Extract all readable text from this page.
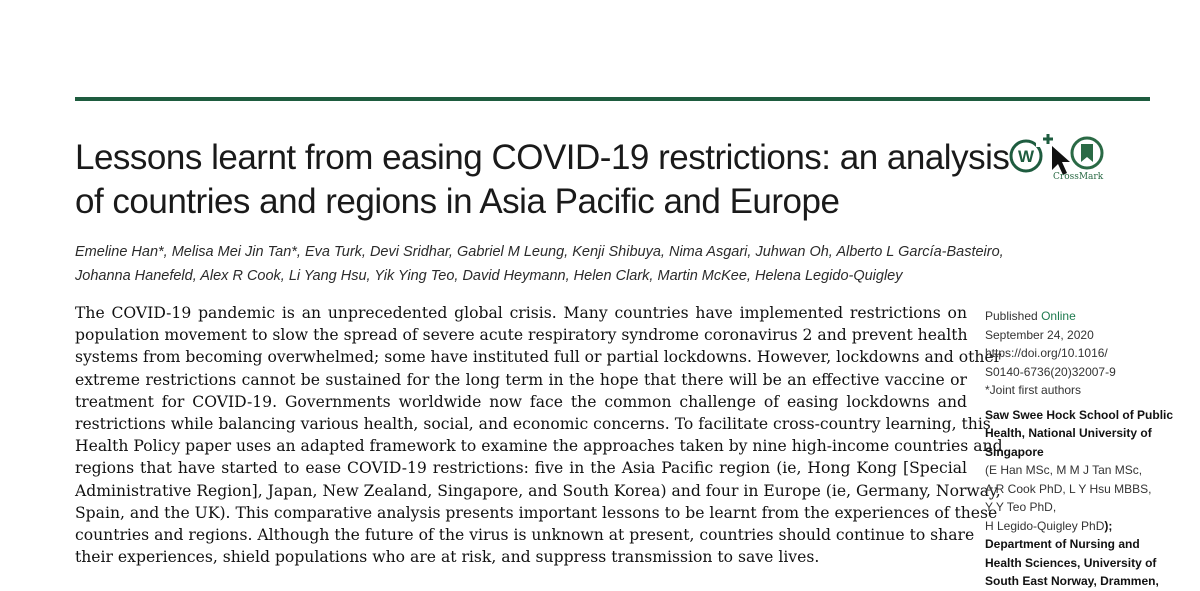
Lessons learnt from easing COVID-19 restrictions: an analysis
of countries and regions in Asia Pacific and Europe
W
CrossMark
Emeline Han*, Melisa Mei Jin Tan*, Eva Turk, Devi Sridhar, Gabriel M Leung, Kenji Shibuya, Nima Asgari, Juhwan Oh, Alberto L García-Basteiro,
Johanna Hanefeld, Alex R Cook, Li Yang Hsu, Yik Ying Teo, David Heymann, Helen Clark, Martin McKee, Helena Legido-Quigley
The COVID-19 pandemic is an unprecedented global crisis. Many countries have implemented restrictions on
population movement to slow the spread of severe acute respiratory syndrome coronavirus 2 and prevent health
systems from becoming overwhelmed; some have instituted full or partial lockdowns. However, lockdowns and other
extreme restrictions cannot be sustained for the long term in the hope that there will be an effective vaccine or
treatment for COVID-19. Governments worldwide now face the common challenge of easing lockdowns and
restrictions while balancing various health, social, and economic concerns. To facilitate cross-country learning, this
Health Policy paper uses an adapted framework to examine the approaches taken by nine high-income countries and
regions that have started to ease COVID-19 restrictions: five in the Asia Pacific region (ie, Hong Kong [Special
Administrative Region], Japan, New Zealand, Singapore, and South Korea) and four in Europe (ie, Germany, Norway,
Spain, and the UK). This comparative analysis presents important lessons to be learnt from the experiences of these
countries and regions. Although the future of the virus is unknown at present, countries should continue to share
their experiences, shield populations who are at risk, and suppress transmission to save lives.
Published Online
September 24, 2020
https://doi.org/10.1016/
S0140-6736(20)32007-9
*Joint first authors
Saw Swee Hock School of Public
Health, National University of
Singapore
(E Han MSc, M M J Tan MSc,
A R Cook PhD, L Y Hsu MBBS,
Y Y Teo PhD,
H Legido-Quigley PhD);
Department of Nursing and
Health Sciences, University of
South East Norway, Drammen,
